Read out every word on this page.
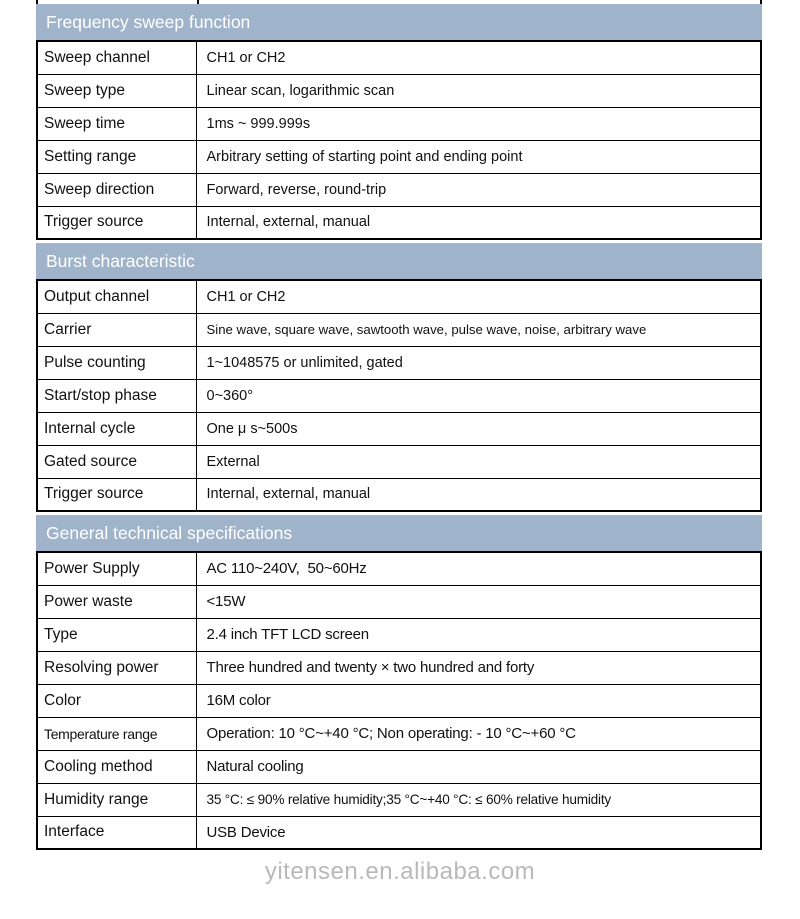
Frequency sweep function
Sweep channel	CH1 or CH2
Sweep type	Linear scan, logarithmic scan
Sweep time	1ms ~ 999.999s
Setting range	Arbitrary setting of starting point and ending point
Sweep direction	Forward, reverse, round-trip
Trigger source	Internal, external, manual
Burst characteristic
Output channel	CH1 or CH2
Carrier	Sine wave, square wave, sawtooth wave, pulse wave, noise, arbitrary wave
Pulse counting	1~1048575 or unlimited, gated
Start/stop phase	0~360°
Internal cycle	One μ s~500s
Gated source	External
Trigger source	Internal, external, manual
General technical specifications
Power Supply	AC 110~240V,  50~60Hz
Power waste	<15W
Type	2.4 inch TFT LCD screen
Resolving power	Three hundred and twenty × two hundred and forty
Color	16M color
Temperature range	Operation: 10 °C~+40 °C; Non operating: - 10 °C~+60 °C
Cooling method	Natural cooling
Humidity range	35 °C: ≤ 90% relative humidity;35 °C~+40 °C: ≤ 60% relative humidity
Interface	USB Device
yitensen.en.alibaba.com
